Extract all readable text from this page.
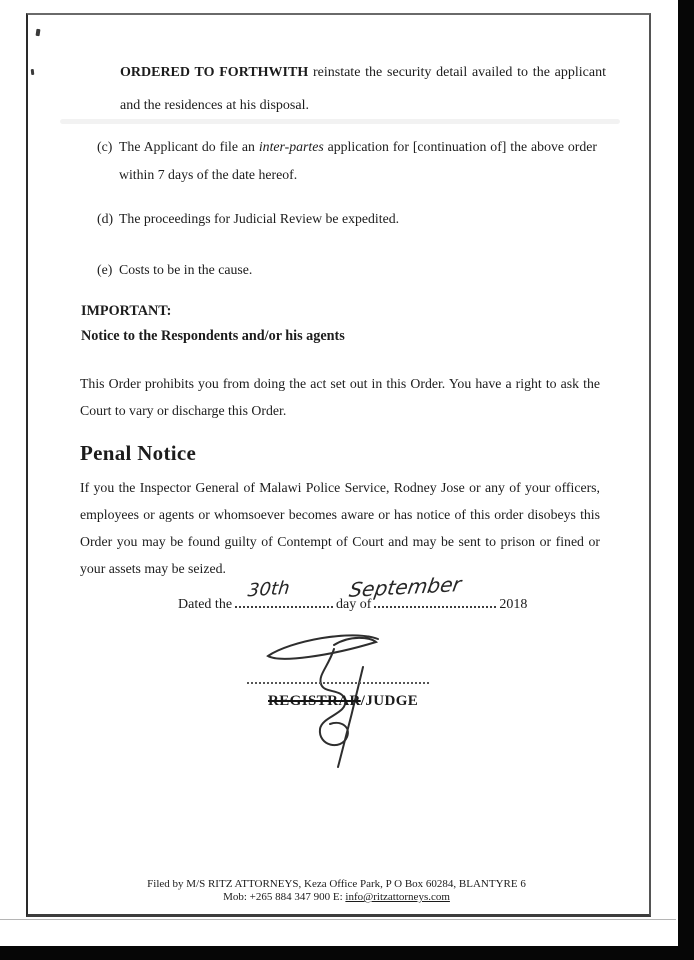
ORDERED TO FORTHWITH reinstate the security detail availed to the applicant and the residences at his disposal.
(c) The Applicant do file an inter-partes application for [continuation of] the above order within 7 days of the date hereof.
(d) The proceedings for Judicial Review be expedited.
(e) Costs to be in the cause.
IMPORTANT:
Notice to the Respondents and/or his agents
This Order prohibits you from doing the act set out in this Order. You have a right to ask the Court to vary or discharge this Order.
Penal Notice
If you the Inspector General of Malawi Police Service, Rodney Jose or any of your officers, employees or agents or whomsoever becomes aware or has notice of this order disobeys this Order you may be found guilty of Contempt of Court and may be sent to prison or fined or your assets may be seized.
Dated the	day of	2018
30th	September
REGISTRAR/JUDGE
Filed by M/S RITZ ATTORNEYS, Keza Office Park, P O Box 60284, BLANTYRE 6
Mob: +265 884 347 900 E: info@ritzattorneys.com
